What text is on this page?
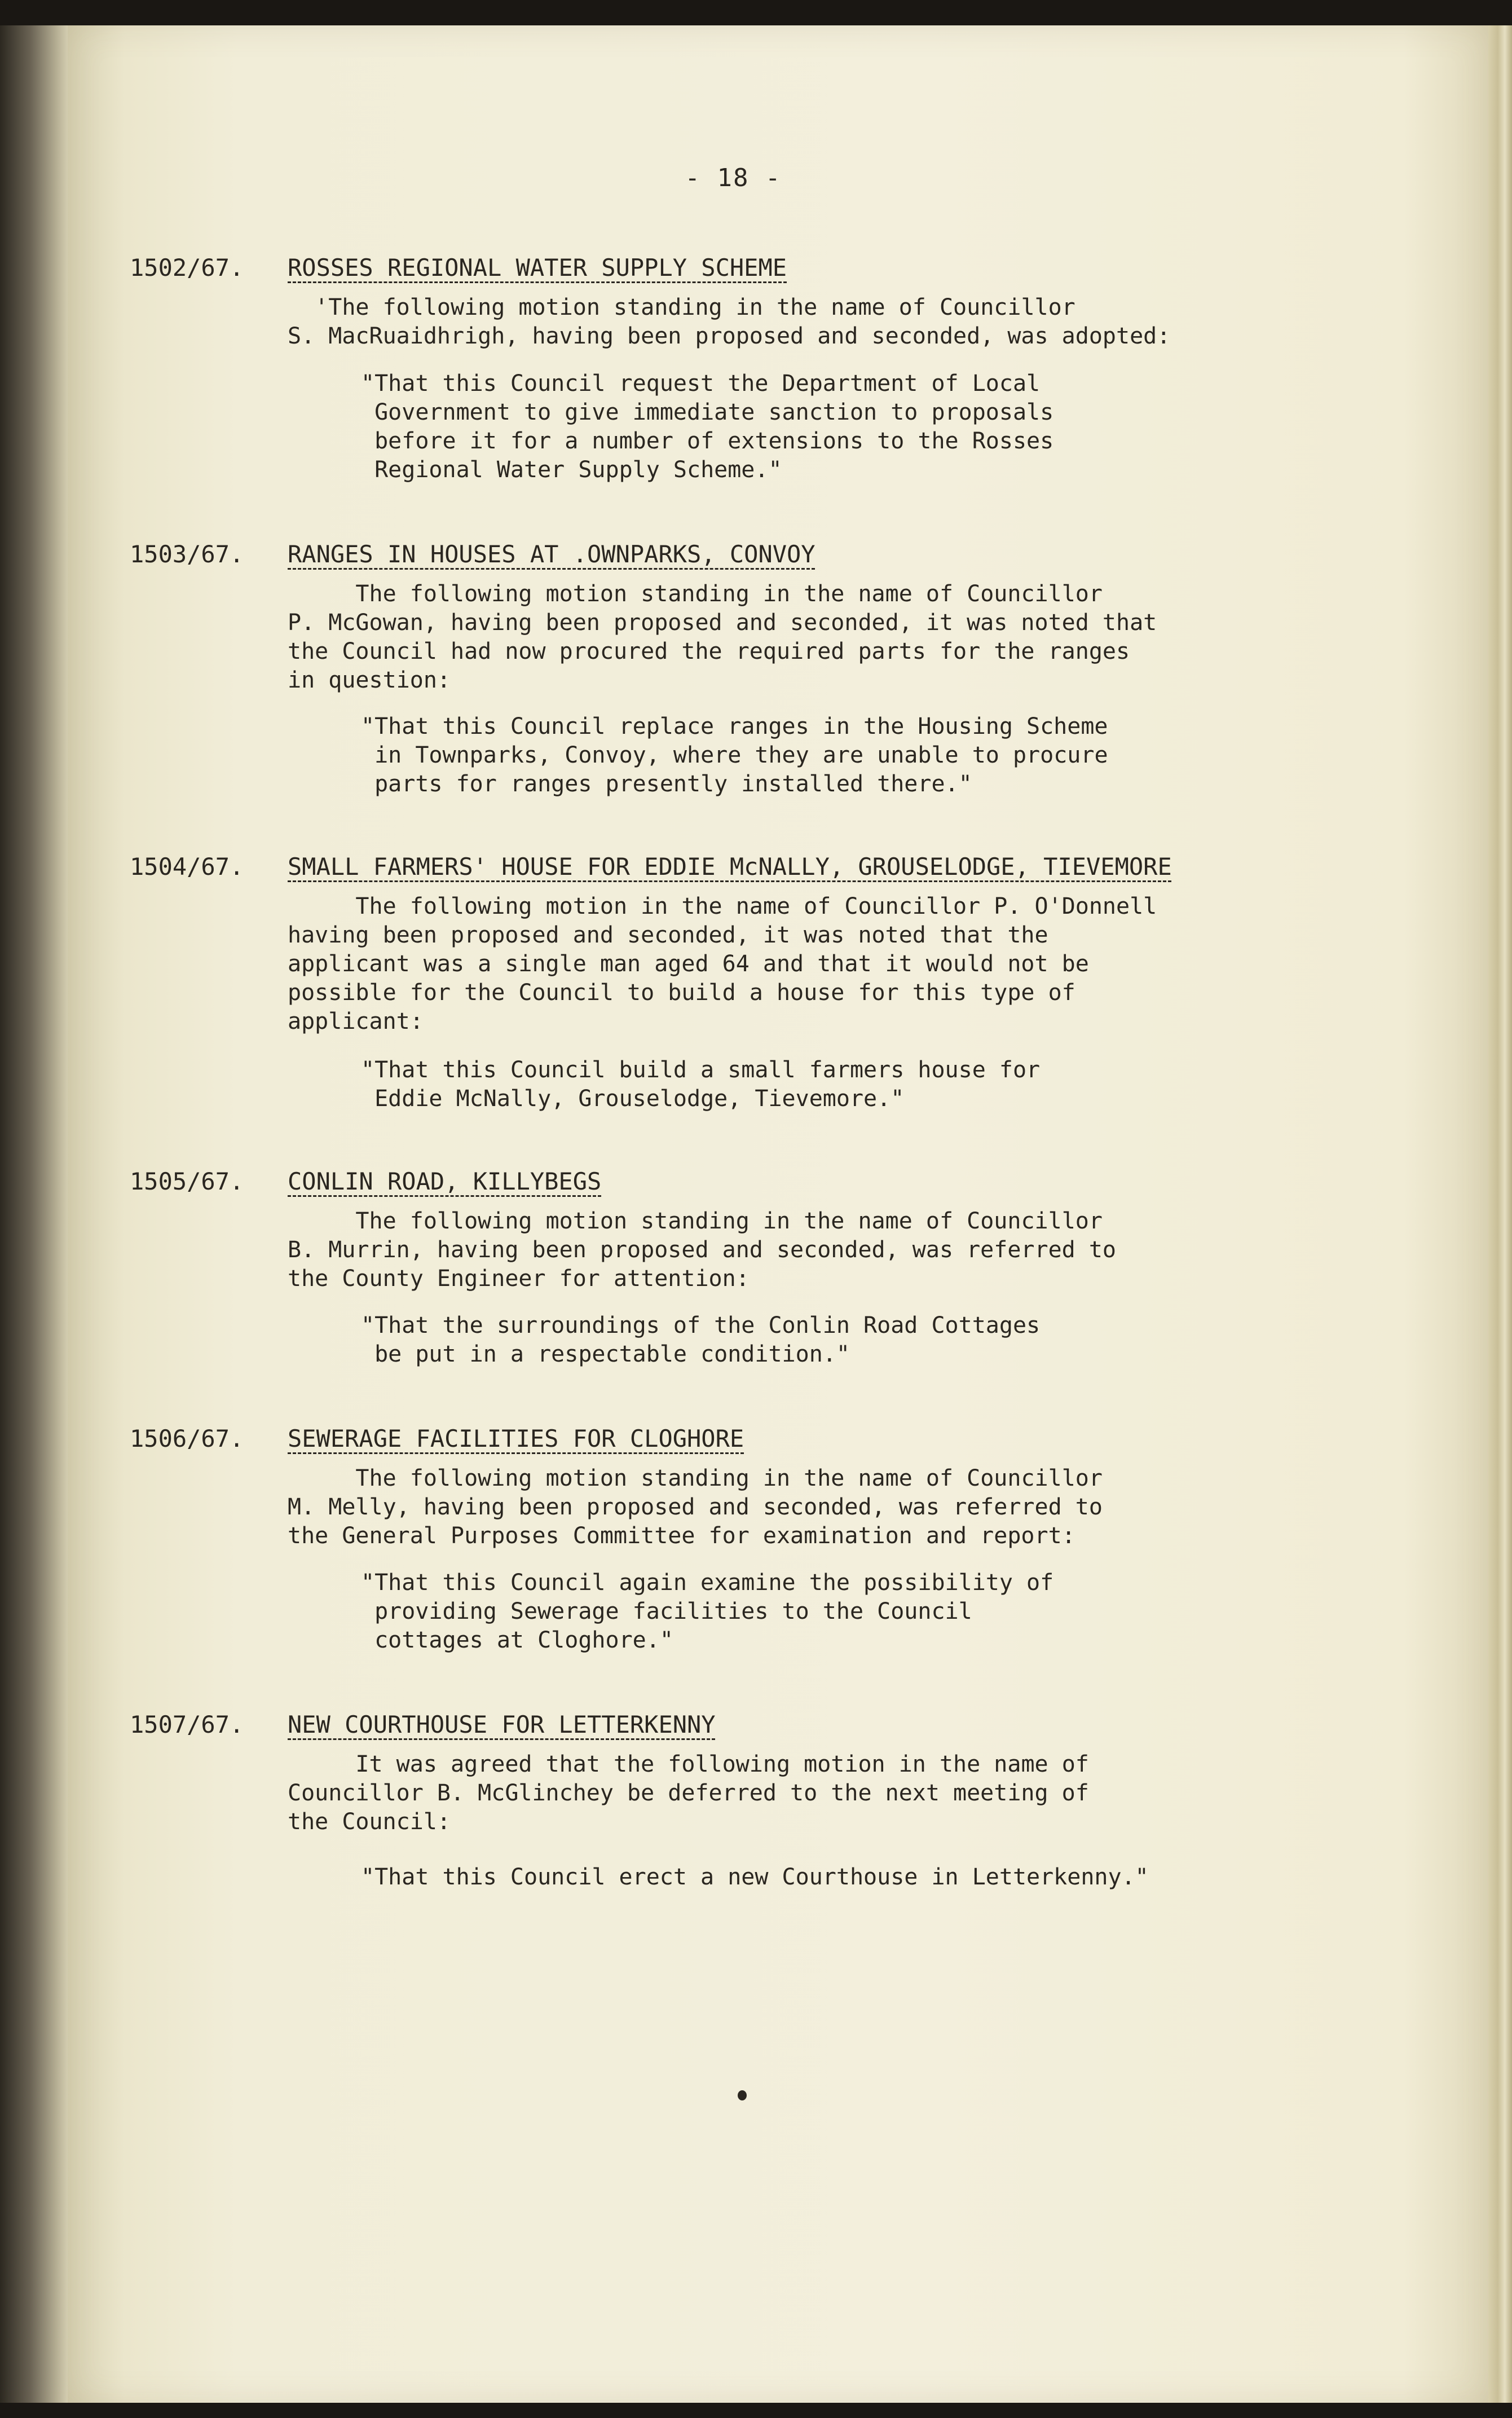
- 18 -
1502/67. ROSSES REGIONAL WATER SUPPLY SCHEME
'The following motion standing in the name of Councillor
S. MacRuaidhrigh, having been proposed and seconded, was adopted:
"That this Council request the Department of Local
Government to give immediate sanction to proposals
before it for a number of extensions to the Rosses
Regional Water Supply Scheme."
1503/67. RANGES IN HOUSES AT .OWNPARKS, CONVOY
The following motion standing in the name of Councillor
P. McGowan, having been proposed and seconded, it was noted that
the Council had now procured the required parts for the ranges
in question:
"That this Council replace ranges in the Housing Scheme
in Townparks, Convoy, where they are unable to procure
parts for ranges presently installed there."
1504/67. SMALL FARMERS' HOUSE FOR EDDIE McNALLY, GROUSELODGE, TIEVEMORE
The following motion in the name of Councillor P. O'Donnell
having been proposed and seconded, it was noted that the
applicant was a single man aged 64 and that it would not be
possible for the Council to build a house for this type of
applicant:
"That this Council build a small farmers house for
Eddie McNally, Grouselodge, Tievemore."
1505/67. CONLIN ROAD, KILLYBEGS
The following motion standing in the name of Councillor
B. Murrin, having been proposed and seconded, was referred to
the County Engineer for attention:
"That the surroundings of the Conlin Road Cottages
be put in a respectable condition."
1506/67. SEWERAGE FACILITIES FOR CLOGHORE
The following motion standing in the name of Councillor
M. Melly, having been proposed and seconded, was referred to
the General Purposes Committee for examination and report:
"That this Council again examine the possibility of
providing Sewerage facilities to the Council
cottages at Cloghore."
1507/67. NEW COURTHOUSE FOR LETTERKENNY
It was agreed that the following motion in the name of
Councillor B. McGlinchey be deferred to the next meeting of
the Council:
"That this Council erect a new Courthouse in Letterkenny."
